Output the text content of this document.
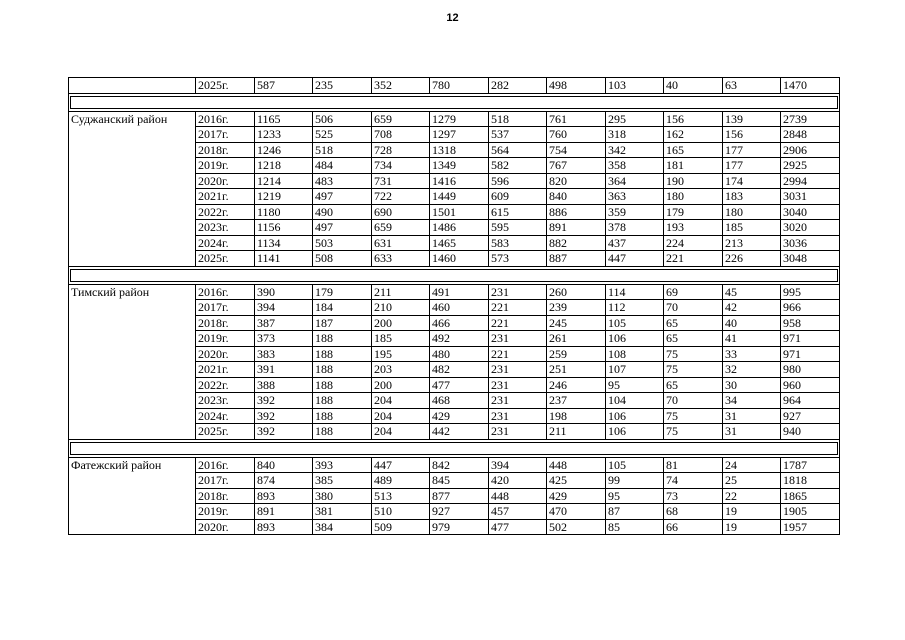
12
	2025г.	587	235	352	780	282	498	103	40	63	1470

Суджанский район	2016г.	1165	506	659	1279	518	761	295	156	139	2739
	2017г.	1233	525	708	1297	537	760	318	162	156	2848
	2018г.	1246	518	728	1318	564	754	342	165	177	2906
	2019г.	1218	484	734	1349	582	767	358	181	177	2925
	2020г.	1214	483	731	1416	596	820	364	190	174	2994
	2021г.	1219	497	722	1449	609	840	363	180	183	3031
	2022г.	1180	490	690	1501	615	886	359	179	180	3040
	2023г.	1156	497	659	1486	595	891	378	193	185	3020
	2024г.	1134	503	631	1465	583	882	437	224	213	3036
	2025г.	1141	508	633	1460	573	887	447	221	226	3048

Тимский район	2016г.	390	179	211	491	231	260	114	69	45	995
	2017г.	394	184	210	460	221	239	112	70	42	966
	2018г.	387	187	200	466	221	245	105	65	40	958
	2019г.	373	188	185	492	231	261	106	65	41	971
	2020г.	383	188	195	480	221	259	108	75	33	971
	2021г.	391	188	203	482	231	251	107	75	32	980
	2022г.	388	188	200	477	231	246	95	65	30	960
	2023г.	392	188	204	468	231	237	104	70	34	964
	2024г.	392	188	204	429	231	198	106	75	31	927
	2025г.	392	188	204	442	231	211	106	75	31	940

Фатежский район	2016г.	840	393	447	842	394	448	105	81	24	1787
	2017г.	874	385	489	845	420	425	99	74	25	1818
	2018г.	893	380	513	877	448	429	95	73	22	1865
	2019г.	891	381	510	927	457	470	87	68	19	1905
	2020г.	893	384	509	979	477	502	85	66	19	1957
